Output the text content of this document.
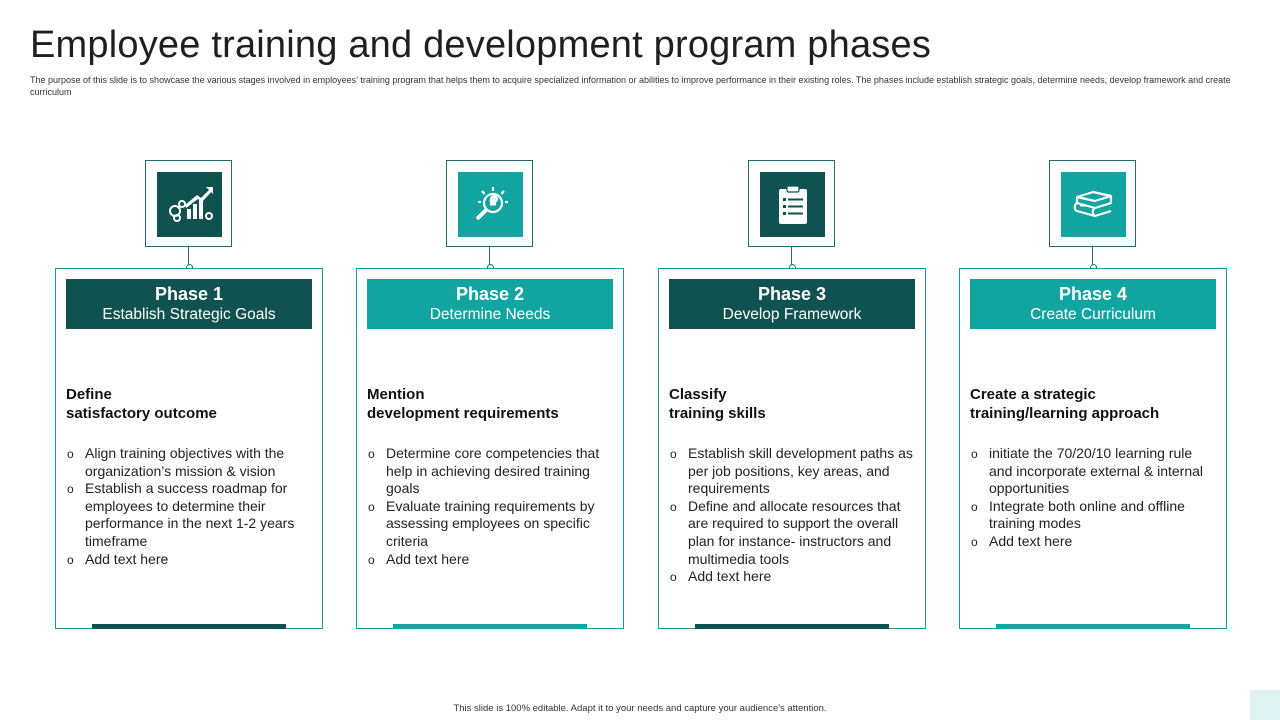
Employee training and development program phases
The purpose of this slide is to showcase the various stages involved in employees’ training program that helps them to acquire specialized information or abilities to improve performance in their existing roles. The phases include establish strategic goals, determine needs, develop framework and create curriculum
Phase 1
Establish Strategic Goals
Define
satisfactory outcome
o Align training objectives with the organization’s mission & vision
o Establish a success roadmap for employees to determine their performance in the next 1-2 years timeframe
o Add text here
Phase 2
Determine Needs
Mention
development requirements
o Determine core competencies that help in achieving desired training goals
o Evaluate training requirements by assessing employees on specific criteria
o Add text here
Phase 3
Develop Framework
Classify
training skills
o Establish skill development paths as per job positions, key areas, and requirements
o Define and allocate resources that are required to support the overall plan for instance- instructors and multimedia tools
o Add text here
Phase 4
Create Curriculum
Create a strategic
training/learning approach
o initiate the 70/20/10 learning rule and incorporate external & internal opportunities
o Integrate both online and offline training modes
o Add text here
This slide is 100% editable. Adapt it to your needs and capture your audience's attention.
